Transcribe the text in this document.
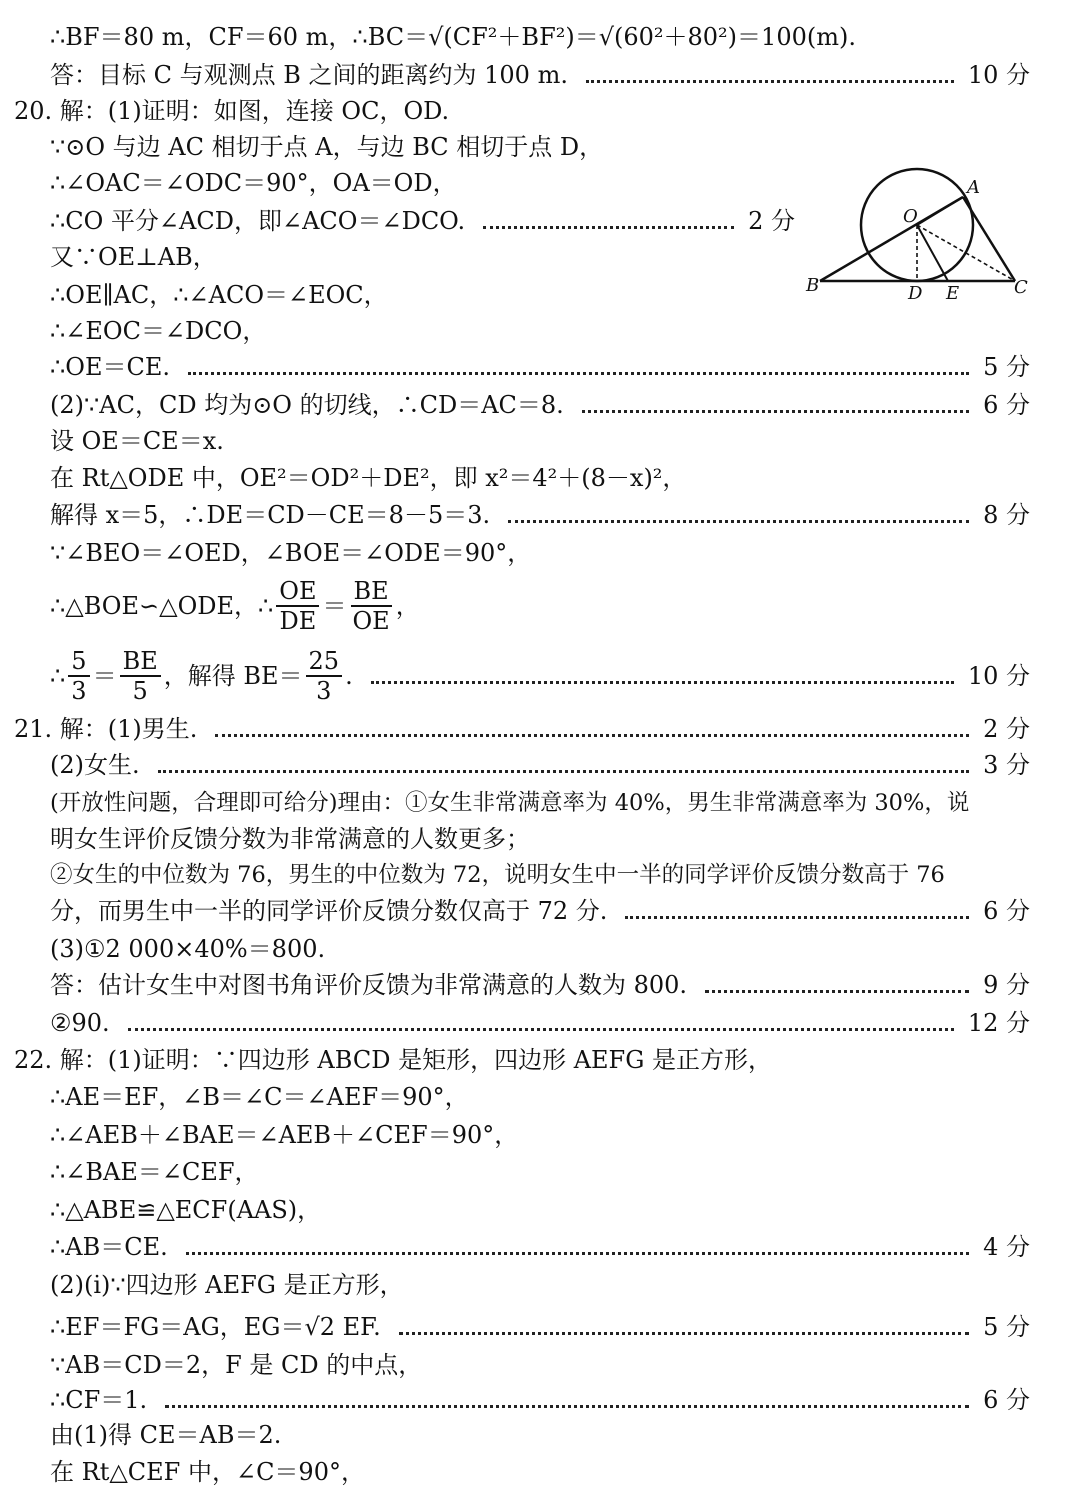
∴BF＝80 m，CF＝60 m，∴BC＝√(CF²＋BF²)＝√(60²＋80²)＝100(m).
答：目标 C 与观测点 B 之间的距离约为 100 m.	10 分
20. 解：(1)证明：如图，连接 OC，OD.
∵⊙O 与边 AC 相切于点 A，与边 BC 相切于点 D，
∴∠OAC＝∠ODC＝90°，OA＝OD，
∴CO 平分∠ACD，即∠ACO＝∠DCO.	2 分
又∵OE⊥AB，
∴OE∥AC，∴∠ACO＝∠EOC，
∴∠EOC＝∠DCO，
∴OE＝CE.	5 分
(2)∵AC，CD 均为⊙O 的切线，∴CD＝AC＝8.	6 分
设 OE＝CE＝x.
在 Rt△ODE 中，OE²＝OD²＋DE²，即 x²＝4²＋(8－x)²，
解得 x＝5，∴DE＝CD－CE＝8－5＝3.	8 分
∵∠BEO＝∠OED，∠BOE＝∠ODE＝90°，
∴△BOE∽△ODE，∴ $\frac{OE}{DE} = \frac{BE}{OE}$ ，
∴ $\frac{5}{3} = \frac{BE}{5}$ ，解得 $BE= \frac{25}{3}$ .	10 分
21. 解：(1)男生.	2 分
(2)女生.	3 分
(开放性问题，合理即可给分)理由：①女生非常满意率为 40%，男生非常满意率为 30%，说
明女生评价反馈分数为非常满意的人数更多；
②女生的中位数为 76，男生的中位数为 72，说明女生中一半的同学评价反馈分数高于 76
分，而男生中一半的同学评价反馈分数仅高于 72 分.	6 分
(3)①2 000×40%＝800.
答：估计女生中对图书角评价反馈为非常满意的人数为 800.	9 分
②90.	12 分
22. 解：(1)证明：∵四边形 ABCD 是矩形，四边形 AEFG 是正方形，
∴AE＝EF，∠B＝∠C＝∠AEF＝90°，
∴∠AEB＋∠BAE＝∠AEB＋∠CEF＝90°，
∴∠BAE＝∠CEF，
∴△ABE≌△ECF(AAS)，
∴AB＝CE.	4 分
(2)(ⅰ)∵四边形 AEFG 是正方形，
∴EF＝FG＝AG，EG＝√2 EF.	5 分
∵AB＝CD＝2，F 是 CD 的中点，
∴CF＝1.	6 分
由(1)得 CE＝AB＝2.
在 Rt△CEF 中，∠C＝90°，
A
O
B	D E	C
